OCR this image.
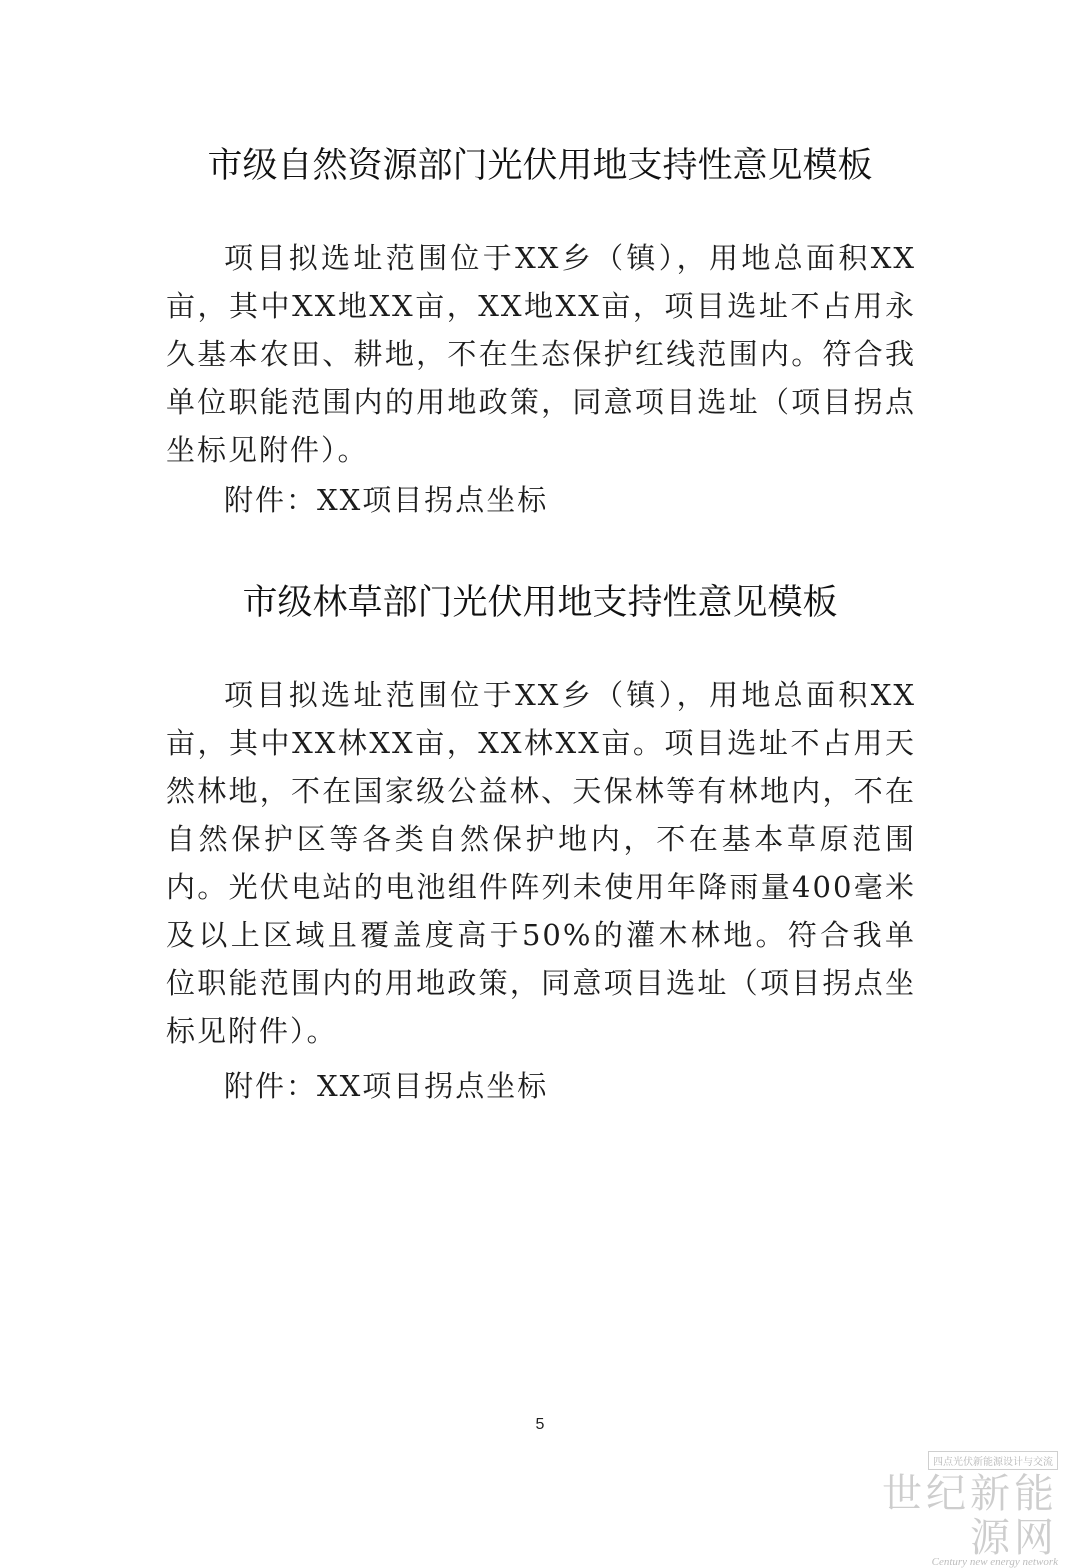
市级自然资源部门光伏用地支持性意见模板

项目拟选址范围位于XX乡（镇），用地总面积XX亩，其中XX地XX亩，XX地XX亩，项目选址不占用永久基本农田、耕地，不在生态保护红线范围内。符合我单位职能范围内的用地政策，同意项目选址（项目拐点坐标见附件）。

附件：XX项目拐点坐标

市级林草部门光伏用地支持性意见模板

项目拟选址范围位于XX乡（镇），用地总面积XX亩，其中XX林XX亩，XX林XX亩。项目选址不占用天然林地，不在国家级公益林、天保林等有林地内，不在自然保护区等各类自然保护地内，不在基本草原范围内。光伏电站的电池组件阵列未使用年降雨量400毫米及以上区域且覆盖度高于50%的灌木林地。符合我单位职能范围内的用地政策，同意项目选址（项目拐点坐标见附件）。

附件：XX项目拐点坐标

5
四点光伏新能源设计与交流
世纪新能源网
Century new energy network
